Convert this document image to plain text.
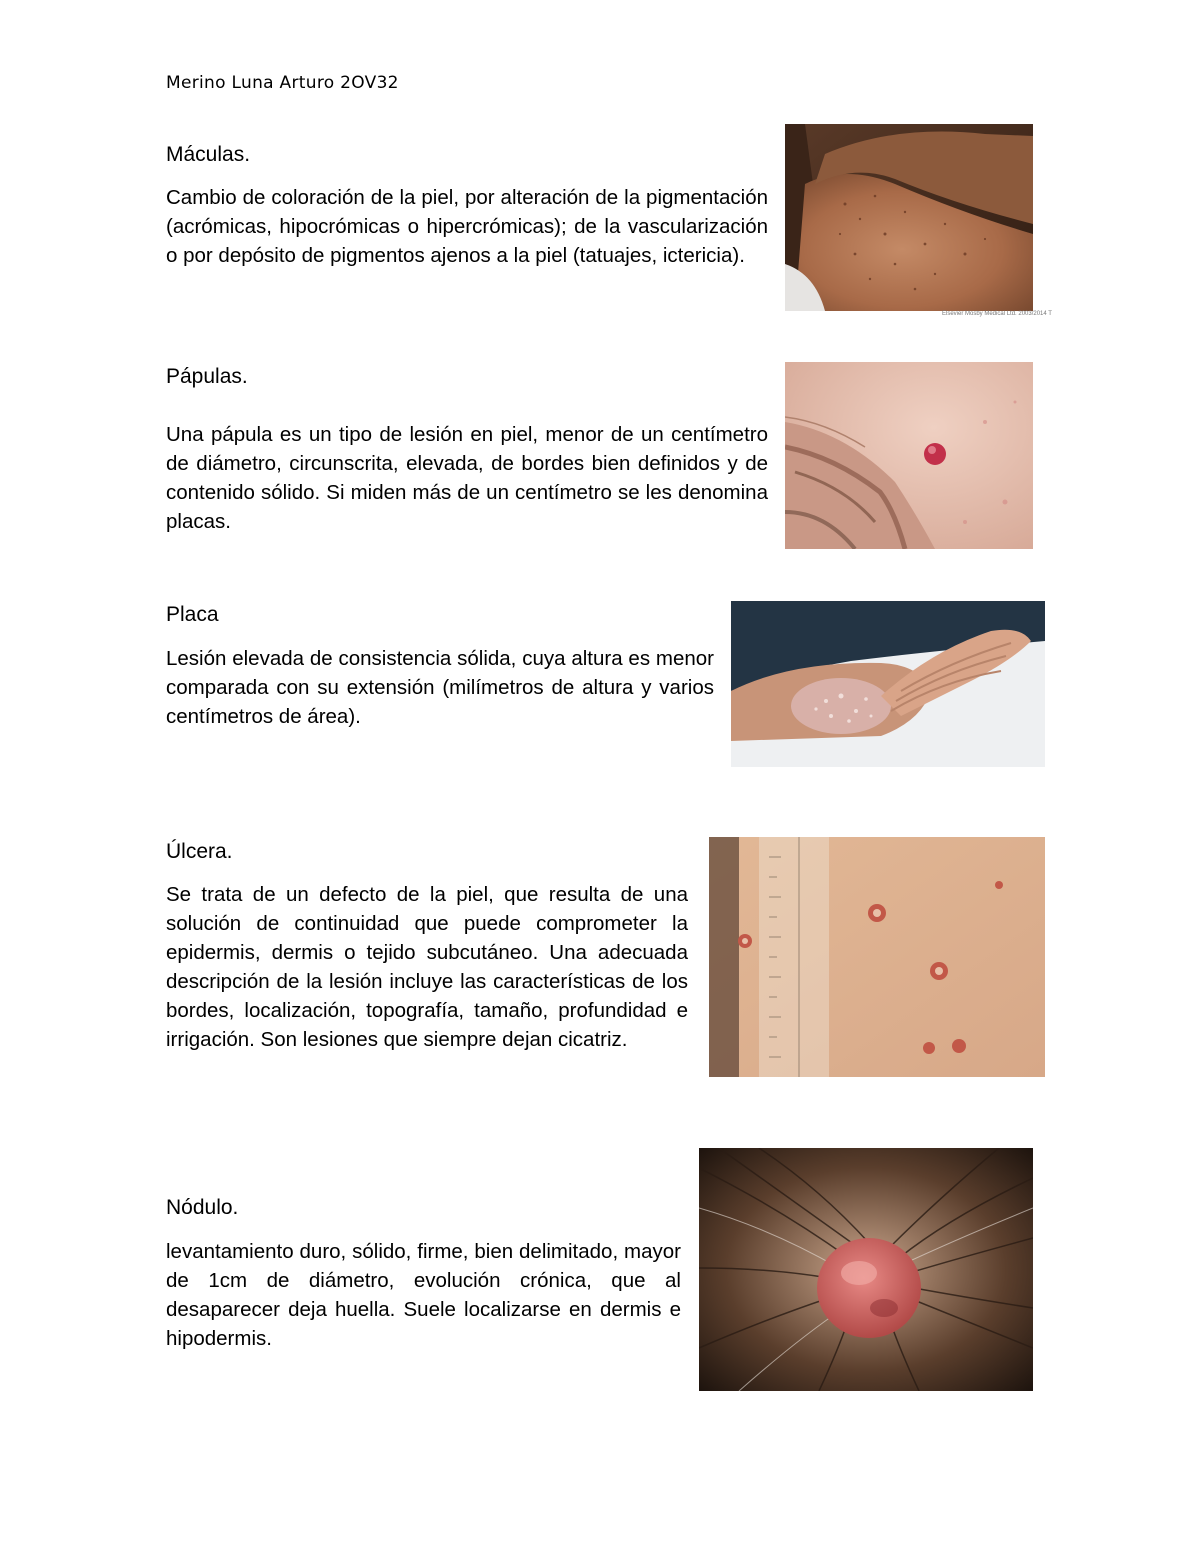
Merino Luna Arturo 2OV32
Máculas.
Cambio de coloración de la piel, por alteración de la pigmentación (acrómicas, hipocrómicas o hipercrómicas); de la vascularización o por depósito de pigmentos ajenos a la piel (tatuajes, ictericia).
Elsevier Mosby Medical Ltd. 2003/2014 T
Pápulas.
Una pápula es un tipo de lesión en piel, menor de un centímetro de diámetro, circunscrita, elevada, de bordes bien definidos y de contenido sólido. Si miden más de un centímetro se les denomina placas.
Placa
Lesión elevada de consistencia sólida, cuya altura es menor comparada con su extensión (milímetros de altura y varios centímetros de área).
Úlcera.
Se trata de un defecto de la piel, que resulta de una solución de continuidad que puede comprometer la epidermis, dermis o tejido subcutáneo. Una adecuada descripción de la lesión incluye las características de los bordes, localización, topografía, tamaño, profundidad e irrigación. Son lesiones que siempre dejan cicatriz.
Nódulo.
levantamiento duro, sólido, firme, bien delimitado, mayor de 1cm de diámetro, evolución crónica, que al desaparecer deja huella. Suele localizarse en dermis e hipodermis.
